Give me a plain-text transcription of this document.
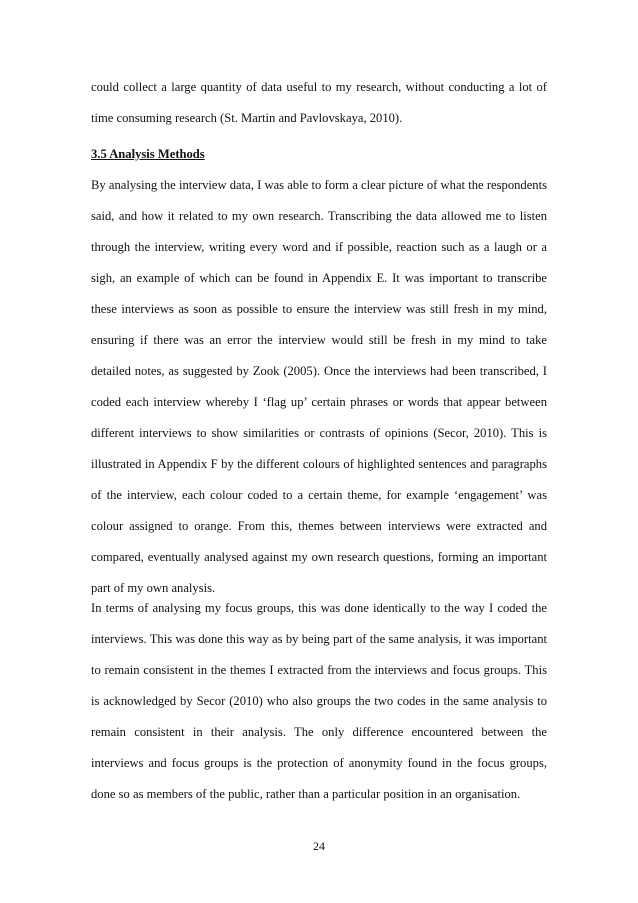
could collect a large quantity of data useful to my research, without conducting a lot of time consuming research (St. Martin and Pavlovskaya, 2010).
3.5 Analysis Methods
By analysing the interview data, I was able to form a clear picture of what the respondents said, and how it related to my own research. Transcribing the data allowed me to listen through the interview, writing every word and if possible, reaction such as a laugh or a sigh, an example of which can be found in Appendix E. It was important to transcribe these interviews as soon as possible to ensure the interview was still fresh in my mind, ensuring if there was an error the interview would still be fresh in my mind to take detailed notes, as suggested by Zook (2005). Once the interviews had been transcribed, I coded each interview whereby I ‘flag up’ certain phrases or words that appear between different interviews to show similarities or contrasts of opinions (Secor, 2010). This is illustrated in Appendix F by the different colours of highlighted sentences and paragraphs of the interview, each colour coded to a certain theme, for example ‘engagement’ was colour assigned to orange. From this, themes between interviews were extracted and compared, eventually analysed against my own research questions, forming an important part of my own analysis.
In terms of analysing my focus groups, this was done identically to the way I coded the interviews. This was done this way as by being part of the same analysis, it was important to remain consistent in the themes I extracted from the interviews and focus groups. This is acknowledged by Secor (2010) who also groups the two codes in the same analysis to remain consistent in their analysis. The only difference encountered between the interviews and focus groups is the protection of anonymity found in the focus groups, done so as members of the public, rather than a particular position in an organisation.
24
